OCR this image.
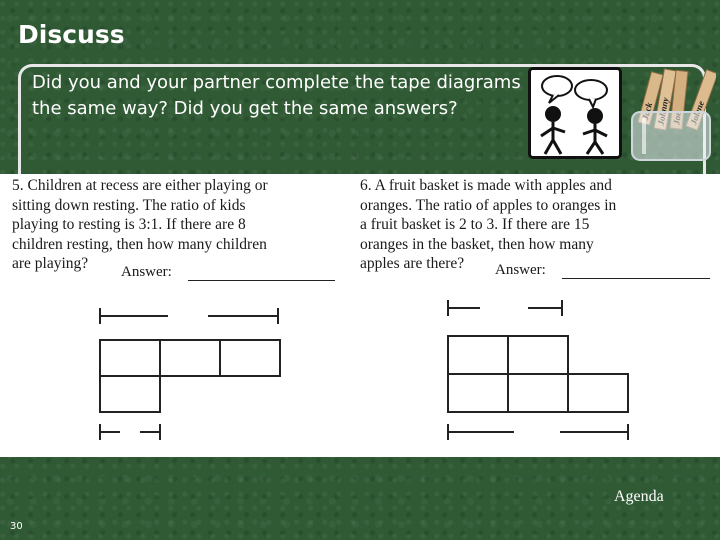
Discuss
Did you and your partner complete the tape diagrams the same way? Did you get the same answers?
5. Children at recess are either playing or
sitting down resting. The ratio of kids
playing to resting is 3:1. If there are 8
children resting, then how many children
are playing?	Answer:
6. A fruit basket is made with apples and
oranges. The ratio of apples to oranges in
a fruit basket is 2 to 3. If there are 15
oranges in the basket, then how many
apples are there?	Answer:
Agenda
30
